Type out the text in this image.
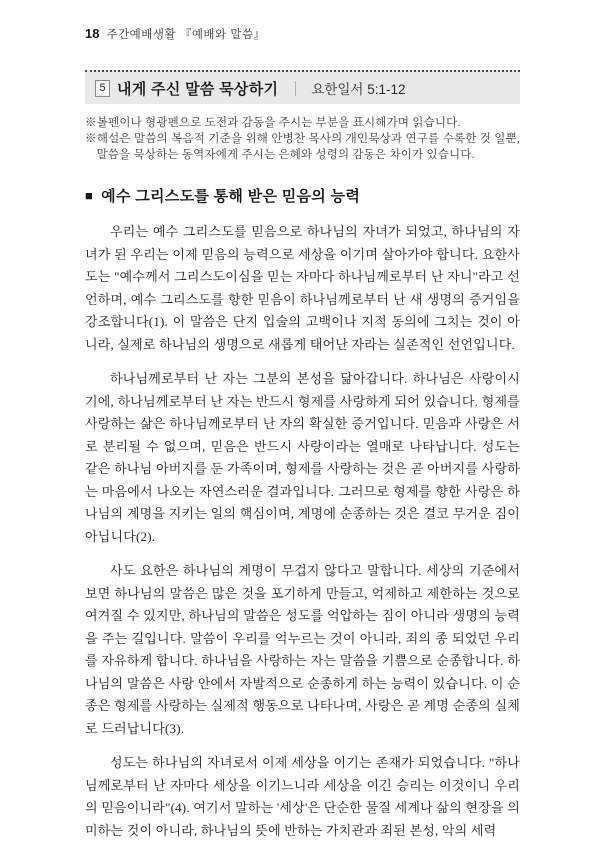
18 주간예배생활 『예배와 말씀』
5 내게 주신 말씀 묵상하기 요한일서 5:1-12

※볼펜이나 형광펜으로 도전과 감동을 주시는 부분을 표시해가며 읽습니다.

※해설은 말씀의 복음적 기준을 위해 안병찬 목사의 개인묵상과 연구를 수록한 것 일뿐, 말씀을 묵상하는 동역자에게 주시는 은혜와 성령의 감동은 차이가 있습니다.

■ 예수 그리스도를 통해 받은 믿음의 능력

우리는 예수 그리스도를 믿음으로 하나님의 자녀가 되었고, 하나님의 자녀가 된 우리는 이제 믿음의 능력으로 세상을 이기며 살아가야 합니다. 요한사도는 "예수께서 그리스도이심을 믿는 자마다 하나님께로부터 난 자니"라고 선언하며, 예수 그리스도를 향한 믿음이 하나님께로부터 난 새 생명의 증거임을 강조합니다(1). 이 말씀은 단지 입술의 고백이나 지적 동의에 그치는 것이 아니라, 실제로 하나님의 생명으로 새롭게 태어난 자라는 실존적인 선언입니다.

하나님께로부터 난 자는 그분의 본성을 닮아갑니다. 하나님은 사랑이시기에, 하나님께로부터 난 자는 반드시 형제를 사랑하게 되어 있습니다. 형제를 사랑하는 삶은 하나님께로부터 난 자의 확실한 증거입니다. 믿음과 사랑은 서로 분리될 수 없으며, 믿음은 반드시 사랑이라는 열매로 나타납니다. 성도는 같은 하나님 아버지를 둔 가족이며, 형제를 사랑하는 것은 곧 아버지를 사랑하는 마음에서 나오는 자연스러운 결과입니다. 그러므로 형제를 향한 사랑은 하나님의 계명을 지키는 일의 핵심이며, 계명에 순종하는 것은 결코 무거운 짐이 아닙니다(2).

사도 요한은 하나님의 계명이 무겁지 않다고 말합니다. 세상의 기준에서 보면 하나님의 말씀은 많은 것을 포기하게 만들고, 억제하고 제한하는 것으로 여겨질 수 있지만, 하나님의 말씀은 성도를 억압하는 짐이 아니라 생명의 능력을 주는 길입니다. 말씀이 우리를 억누르는 것이 아니라, 죄의 종 되었던 우리를 자유하게 합니다. 하나님을 사랑하는 자는 말씀을 기쁨으로 순종합니다. 하나님의 말씀은 사랑 안에서 자발적으로 순종하게 하는 능력이 있습니다. 이 순종은 형제를 사랑하는 실제적 행동으로 나타나며, 사랑은 곧 계명 순종의 실체로 드러납니다(3).

성도는 하나님의 자녀로서 이제 세상을 이기는 존재가 되었습니다. "하나님께로부터 난 자마다 세상을 이기느니라 세상을 이긴 승리는 이것이니 우리의 믿음이니라"(4). 여기서 말하는 '세상'은 단순한 물질 세계나 삶의 현장을 의미하는 것이 아니라, 하나님의 뜻에 반하는 가치관과 죄된 본성, 악의 세력
